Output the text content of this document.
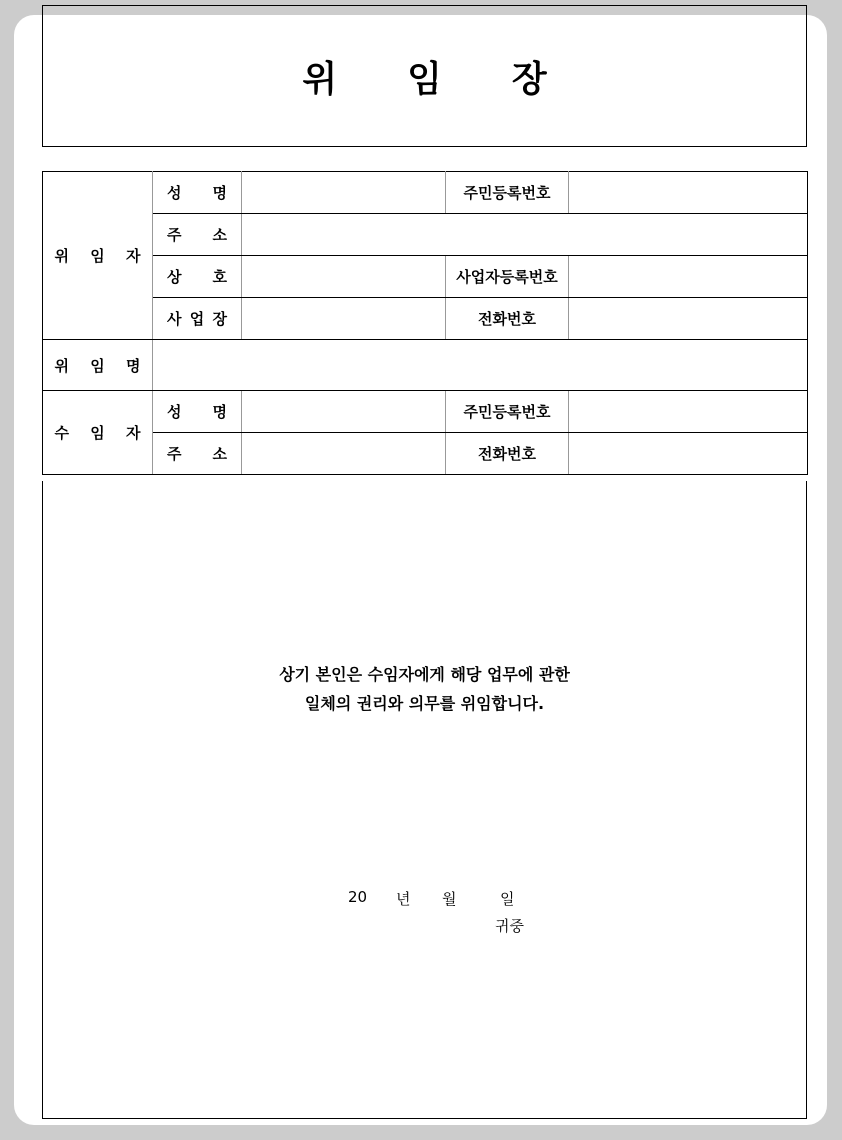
위 임 장
위 임 자	성 명		주민등록번호	

	주 소			

	상 호		사업자등록번호	

	사 업 장		전화번호	
위 임 명				
수 임 자	성 명		주민등록번호	

	주 소		전화번호	
상기 본인은 수임자에게 해당 업무에 관한
일체의 권리와 의무를 위임합니다.
20	년	월	일
귀중
